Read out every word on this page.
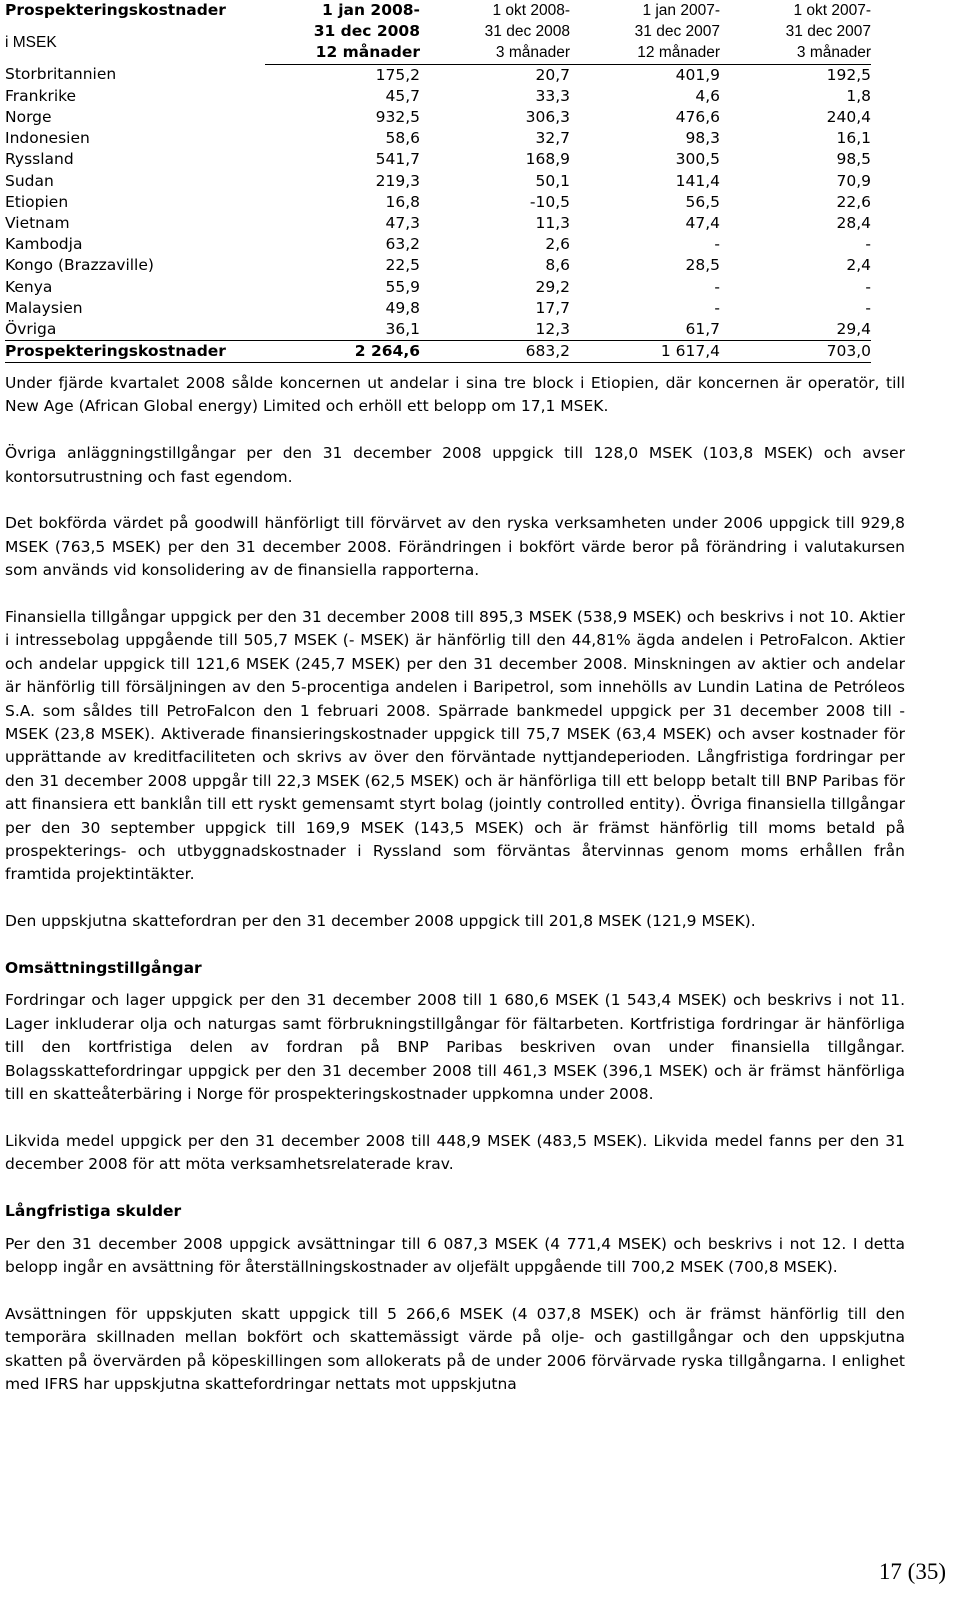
Prospekteringskostnader	1 jan 2008-	1 okt 2008-	1 jan 2007-	1 okt 2007-
i MSEK	31 dec 2008	31 dec 2008	31 dec 2007	31 dec 2007
	12 månader	3 månader	12 månader	3 månader
Storbritannien	175,2	20,7	401,9	192,5
Frankrike	45,7	33,3	4,6	1,8
Norge	932,5	306,3	476,6	240,4
Indonesien	58,6	32,7	98,3	16,1
Ryssland	541,7	168,9	300,5	98,5
Sudan	219,3	50,1	141,4	70,9
Etiopien	16,8	-10,5	56,5	22,6
Vietnam	47,3	11,3	47,4	28,4
Kambodja	63,2	2,6	-	-
Kongo (Brazzaville)	22,5	8,6	28,5	2,4
Kenya	55,9	29,2	-	-
Malaysien	49,8	17,7	-	-
Övriga	36,1	12,3	61,7	29,4
Prospekteringskostnader	2 264,6	683,2	1 617,4	703,0

Under fjärde kvartalet 2008 sålde koncernen ut andelar i sina tre block i Etiopien, där koncernen är operatör, till New Age (African Global energy) Limited och erhöll ett belopp om 17,1 MSEK.

Övriga anläggningstillgångar per den 31 december 2008 uppgick till 128,0 MSEK (103,8 MSEK) och avser kontorsutrustning och fast egendom.

Det bokförda värdet på goodwill hänförligt till förvärvet av den ryska verksamheten under 2006 uppgick till 929,8 MSEK (763,5 MSEK) per den 31 december 2008. Förändringen i bokfört värde beror på förändring i valutakursen som används vid konsolidering av de finansiella rapporterna.

Finansiella tillgångar uppgick per den 31 december 2008 till 895,3 MSEK (538,9 MSEK) och beskrivs i not 10. Aktier i intressebolag uppgående till 505,7 MSEK (- MSEK) är hänförlig till den 44,81% ägda andelen i PetroFalcon. Aktier och andelar uppgick till 121,6 MSEK (245,7 MSEK) per den 31 december 2008. Minskningen av aktier och andelar är hänförlig till försäljningen av den 5-procentiga andelen i Baripetrol, som innehölls av Lundin Latina de Petróleos S.A. som såldes till PetroFalcon den 1 februari 2008. Spärrade bankmedel uppgick per 31 december 2008 till - MSEK (23,8 MSEK). Aktiverade finansieringskostnader uppgick till 75,7 MSEK (63,4 MSEK) och avser kostnader för upprättande av kreditfaciliteten och skrivs av över den förväntade nyttjandeperioden. Långfristiga fordringar per den 31 december 2008 uppgår till 22,3 MSEK (62,5 MSEK) och är hänförliga till ett belopp betalt till BNP Paribas för att finansiera ett banklån till ett ryskt gemensamt styrt bolag (jointly controlled entity). Övriga finansiella tillgångar per den 30 september uppgick till 169,9 MSEK (143,5 MSEK) och är främst hänförlig till moms betald på prospekterings- och utbyggnadskostnader i Ryssland som förväntas återvinnas genom moms erhållen från framtida projektintäkter.

Den uppskjutna skattefordran per den 31 december 2008 uppgick till 201,8 MSEK (121,9 MSEK).

Omsättningstillgångar

Fordringar och lager uppgick per den 31 december 2008 till 1 680,6 MSEK (1 543,4 MSEK) och beskrivs i not 11. Lager inkluderar olja och naturgas samt förbrukningstillgångar för fältarbeten. Kortfristiga fordringar är hänförliga till den kortfristiga delen av fordran på BNP Paribas beskriven ovan under finansiella tillgångar. Bolagsskattefordringar uppgick per den 31 december 2008 till 461,3 MSEK (396,1 MSEK) och är främst hänförliga till en skatteåterbäring i Norge för prospekteringskostnader uppkomna under 2008.

Likvida medel uppgick per den 31 december 2008 till 448,9 MSEK (483,5 MSEK). Likvida medel fanns per den 31 december 2008 för att möta verksamhetsrelaterade krav.

Långfristiga skulder

Per den 31 december 2008 uppgick avsättningar till 6 087,3 MSEK (4 771,4 MSEK) och beskrivs i not 12. I detta belopp ingår en avsättning för återställningskostnader av oljefält uppgående till 700,2 MSEK (700,8 MSEK).

Avsättningen för uppskjuten skatt uppgick till 5 266,6 MSEK (4 037,8 MSEK) och är främst hänförlig till den temporära skillnaden mellan bokfört och skattemässigt värde på olje- och gastillgångar och den uppskjutna skatten på övervärden på köpeskillingen som allokerats på de under 2006 förvärvade ryska tillgångarna. I enlighet med IFRS har uppskjutna skattefordringar nettats mot uppskjutna

17 (35)
